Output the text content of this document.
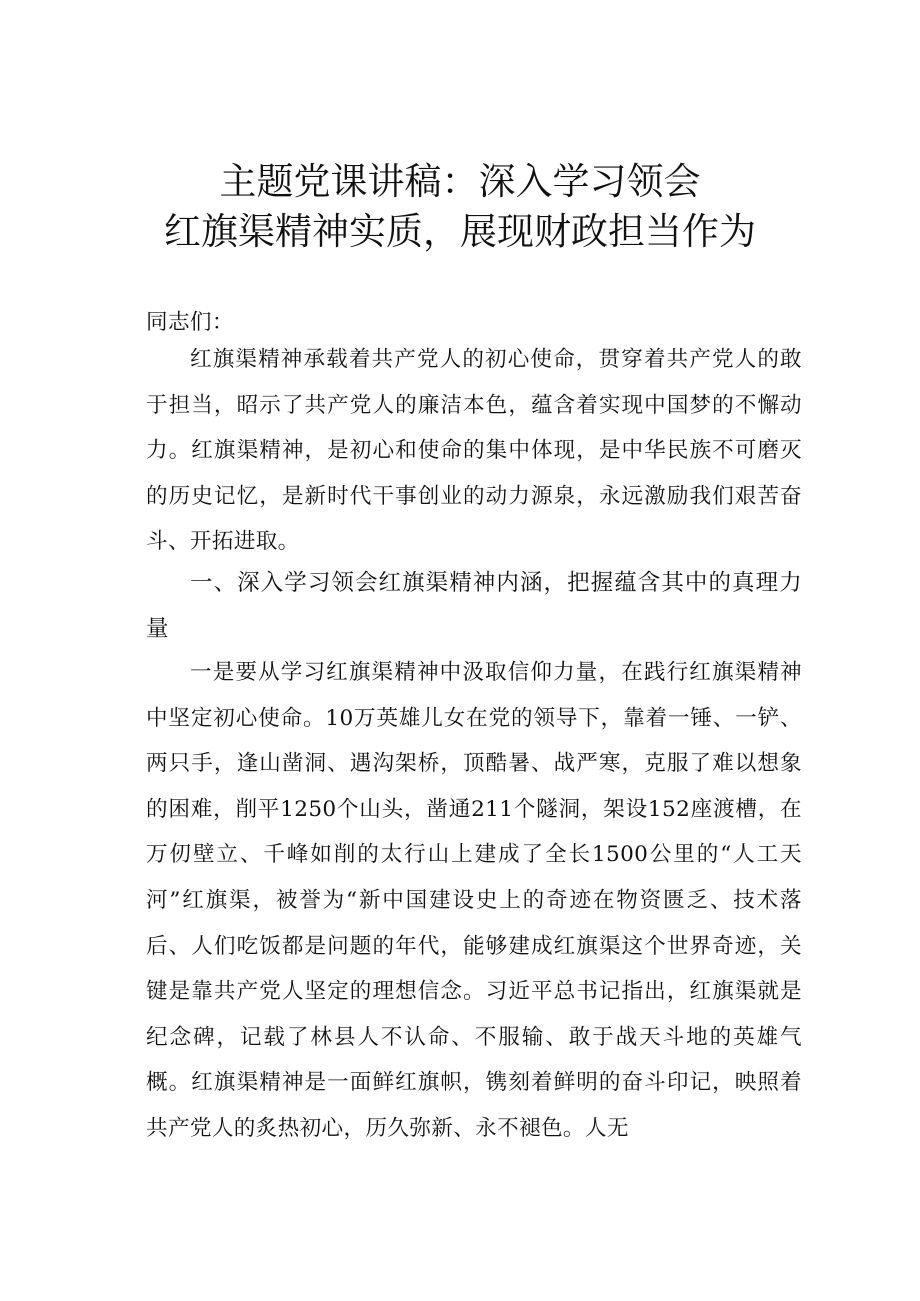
主题党课讲稿：深入学习领会
红旗渠精神实质，展现财政担当作为
同志们：
红旗渠精神承载着共产党人的初心使命，贯穿着共产党人的敢于担当，昭示了共产党人的廉洁本色，蕴含着实现中国梦的不懈动力。红旗渠精神，是初心和使命的集中体现，是中华民族不可磨灭的历史记忆，是新时代干事创业的动力源泉，永远激励我们艰苦奋斗、开拓进取。
一、深入学习领会红旗渠精神内涵，把握蕴含其中的真理力量
一是要从学习红旗渠精神中汲取信仰力量，在践行红旗渠精神中坚定初心使命。10万英雄儿女在党的领导下，靠着一锤、一铲、两只手，逢山凿洞、遇沟架桥，顶酷暑、战严寒，克服了难以想象的困难，削平1250个山头，凿通211个隧洞，架设152座渡槽，在万仞壁立、千峰如削的太行山上建成了全长1500公里的“人工天河”红旗渠，被誉为“新中国建设史上的奇迹在物资匮乏、技术落后、人们吃饭都是问题的年代，能够建成红旗渠这个世界奇迹，关键是靠共产党人坚定的理想信念。习近平总书记指出，红旗渠就是纪念碑，记载了林县人不认命、不服输、敢于战天斗地的英雄气概。红旗渠精神是一面鲜红旗帜，镌刻着鲜明的奋斗印记，映照着共产党人的炙热初心，历久弥新、永不褪色。人无
